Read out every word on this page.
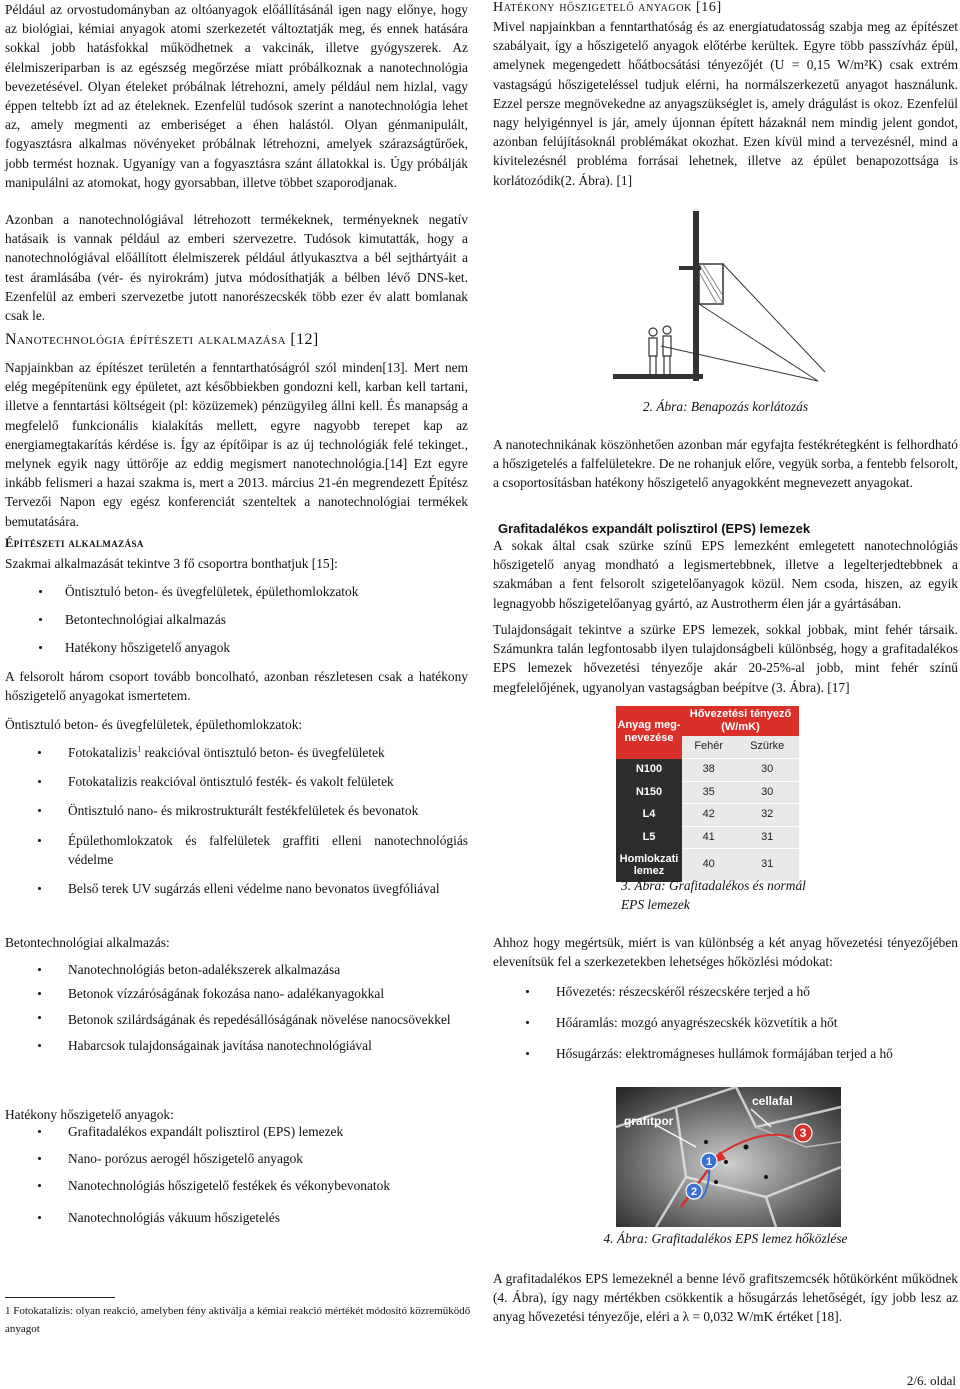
Például az orvostudományban az oltóanyagok előállításánál igen nagy előnye, hogy az biológiai, kémiai anyagok atomi szerkezetét változtatják meg, és ennek hatására sokkal jobb hatásfokkal működhetnek a vakcinák, illetve gyógyszerek. Az élelmiszeriparban is az egészség megőrzése miatt próbálkoznak a nanotechnológia bevezetésével. Olyan ételeket próbálnak létrehozni, amely például nem hizlal, vagy éppen teltebb ízt ad az ételeknek. Ezenfelül tudósok szerint a nanotechnológia lehet az, amely megmenti az emberiséget a éhen halástól. Olyan génmanipulált, fogyasztásra alkalmas növényeket próbálnak létrehozni, amelyek szárazságtűrőek, jobb termést hoznak. Ugyanígy van a fogyasztásra szánt állatokkal is. Úgy próbálják manipulálni az atomokat, hogy gyorsabban, illetve többet szaporodjanak.

Azonban a nanotechnológiával létrehozott termékeknek, terményeknek negatív hatásaik is vannak például az emberi szervezetre. Tudósok kimutatták, hogy a nanotechnológiával előállított élelmiszerek például átlyukasztva a bél sejthártyáit a test áramlásába (vér- és nyirokrám) jutva módosíthatják a bélben lévő DNS-ket. Ezenfelül az emberi szervezetbe jutott nanorészecskék több ezer év alatt bomlanak csak le.

Nanotechnológia építészeti alkalmazása [12]

Napjainkban az építészet területén a fenntarthatóságról szól minden[13]. Mert nem elég megépítenünk egy épületet, azt későbbiekben gondozni kell, karban kell tartani, illetve a fenntartási költségeit (pl: közüzemek) pénzügyileg állni kell. És manapság a megfelelő funkcionális kialakítás mellett, egyre nagyobb terepet kap az energiamegtakarítás kérdése is. Így az építőipar is az új technológiák felé tekinget., melynek egyik nagy úttörője az eddig megismert nanotechnológia.[14] Ezt egyre inkább felismeri a hazai szakma is, mert a 2013. március 21-én megrendezett Építész Tervezői Napon egy egész konferenciát szenteltek a nanotechnológiai termékek bemutatására.

Építészeti alkalmazása
Szakmai alkalmazását tekintve 3 fő csoportra bonthatjuk [15]:
Öntisztuló beton- és üvegfelületek, épülethomlokzatok
Betontechnológiai alkalmazás
Hatékony hőszigetelő anyagok

A felsorolt három csoport tovább boncolható, azonban részletesen csak a hatékony hőszigetelő anyagokat ismertetem.

Öntisztuló beton- és üvegfelületek, épülethomlokzatok:
Fotokatalizis$^1$ reakcióval öntisztuló beton- és üvegfelületek
Fotokatalizis reakcióval öntisztuló festék- és vakolt felületek
Öntisztuló nano- és mikrostrukturált festékfelületek és bevonatok
Épülethomlokzatok és falfelületek graffiti elleni nanotechnológiás védelme
Belső terek UV sugárzás elleni védelme nano bevonatos üvegfóliával
Betontechnológiai alkalmazás:
Nanotechnológiás beton-adalékszerek alkalmazása
Betonok vízzáróságának fokozása nano- adalékanyagokkal
Betonok szilárdságának és repedésállóságának növelése nanocsövekkel
Habarcsok tulajdonságainak javítása nanotechnológiával
Hatékony hőszigetelő anyagok:
Grafitadalékos expandált polisztirol (EPS) lemezek
Nano- porózus aerogél hőszigetelő anyagok
Nanotechnológiás hőszigetelő festékek és vékonybevonatok
Nanotechnológiás vákuum hőszigetelés
1 Fotokatalízis: olyan reakció, amelyben fény aktiválja a kémiai reakció mértékét módosító közreműködő anyagot
Hatékony hőszigetelő anyagok [16]

Mivel napjainkban a fenntarthatóság és az energiatudatosság szabja meg az építészet szabályait, így a hőszigetelő anyagok előtérbe kerültek. Egyre több passzívház épül, amelynek megengedett hőátbocsátási tényezőjét (U = 0,15 W/m²K) csak extrém vastagságú hőszigeteléssel tudjuk elérni, ha normálszerkezetű anyagot használunk. Ezzel persze megnövekedne az anyagszükséglet is, amely drágulást is okoz. Ezenfelül nagy helyigénnyel is jár, amely újonnan épített házaknál nem mindig jelent gondot, azonban felújításoknál problémákat okozhat. Ezen kívül mind a tervezésnél, mind a kivitelezésnél probléma forrásai lehetnek, illetve az épület benapozottsága is korlátozódik(2. Ábra). [1]

2. Ábra: Benapozás korlátozás

A nanotechnikának köszönhetően azonban már egyfajta festékrétegként is felhordható a hőszigetelés a falfelületekre. De ne rohanjuk előre, vegyük sorba, a fentebb felsorolt, a csoportosításban hatékony hőszigetelő anyagokként megnevezett anyagokat.

Grafitadalékos expandált polisztirol (EPS) lemezek

A sokak által csak szürke színű EPS lemezként emlegetett nanotechnológiás hőszigetelő anyag mondható a legismertebbnek, illetve a legelterjedtebbnek a szakmában a fent felsorolt szigetelőanyagok közül. Nem csoda, hiszen, az egyik legnagyobb hőszigetelőanyag gyártó, az Austrotherm élen jár a gyártásában.

Tulajdonságait tekintve a szürke EPS lemezek, sokkal jobbak, mint fehér társaik. Számunkra talán legfontosabb ilyen tulajdonságbeli különbség, hogy a grafitadalékos EPS lemezek hővezetési tényezője akár 20-25%-al jobb, mint fehér színű megfelelőjének, ugyanolyan vastagságban beépítve (3. Ábra). [17]

Anyag meg-nevezése	Hővezetési tényező (W/mK)	
	Fehér	Szürke
N100	38	30
N150	35	30
L4	42	32
L5	41	31
Homlokzati lemez	40	31
3. Ábra: Grafitadalékos és normál EPS lemezek

Ahhoz hogy megértsük, miért is van különbség a két anyag hővezetési tényezőjében elevenítsük fel a szerkezetekben lehetséges hőközlési módokat:

Hővezetés: részecskéről részecskére terjed a hő
Hőáramlás: mozgó anyagrészecskék közvetítik a hőt
Hősugárzás: elektromágneses hullámok formájában terjed a hő
grafitpor
cellafal
1
2
3
4. Ábra: Grafitadalékos EPS lemez hőközlése

A grafitadalékos EPS lemezeknél a benne lévő grafitszemcsék hőtükörként működnek (4. Ábra), így nagy mértékben csökkentik a hősugárzás lehetőségét, így jobb lesz az anyag hővezetési tényezője, eléri a λ = 0,032 W/mK értéket [18].

2/6. oldal
